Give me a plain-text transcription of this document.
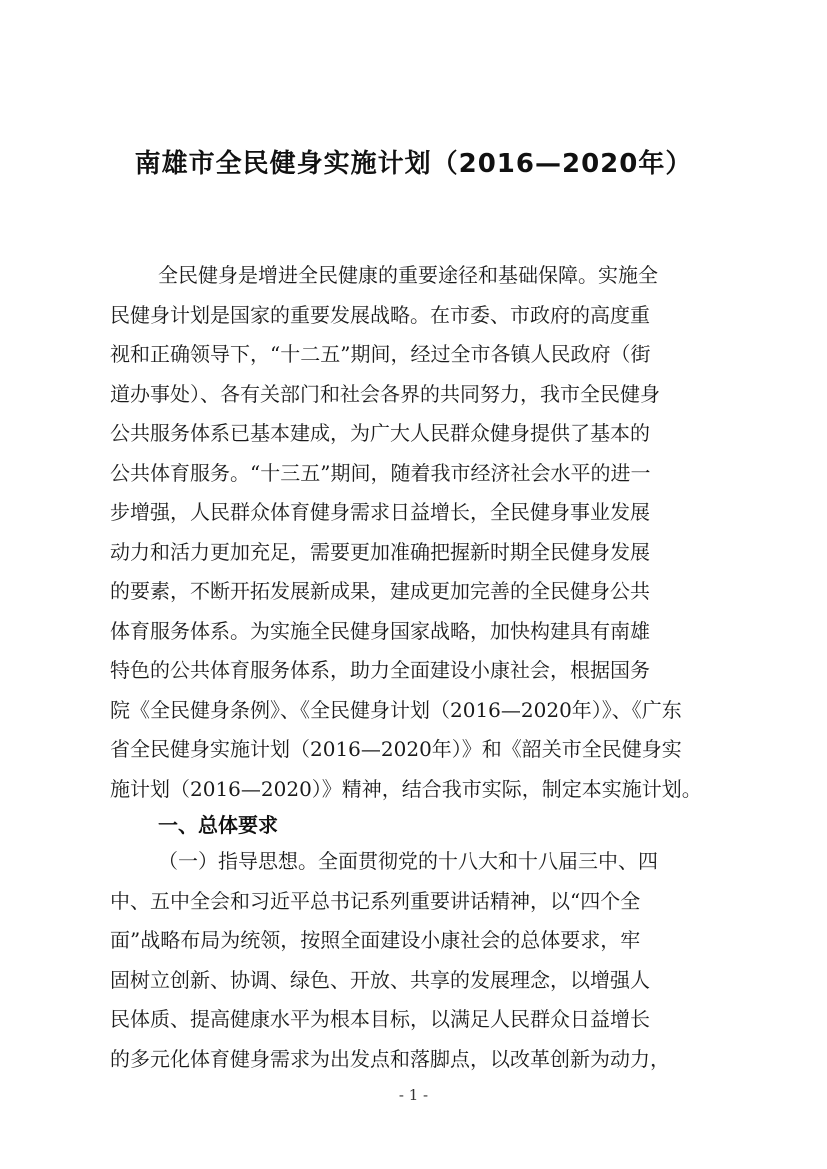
南雄市全民健身实施计划（2016—2020年）
全民健身是增进全民健康的重要途径和基础保障。实施全
民健身计划是国家的重要发展战略。在市委、市政府的高度重
视和正确领导下，“十二五”期间，经过全市各镇人民政府（街
道办事处）、各有关部门和社会各界的共同努力，我市全民健身
公共服务体系已基本建成，为广大人民群众健身提供了基本的
公共体育服务。“十三五”期间，随着我市经济社会水平的进一
步增强，人民群众体育健身需求日益增长，全民健身事业发展
动力和活力更加充足，需要更加准确把握新时期全民健身发展
的要素，不断开拓发展新成果，建成更加完善的全民健身公共
体育服务体系。为实施全民健身国家战略，加快构建具有南雄
特色的公共体育服务体系，助力全面建设小康社会，根据国务
院《全民健身条例》、《全民健身计划（2016—2020年）》、《广东
省全民健身实施计划（2016—2020年）》和《韶关市全民健身实
施计划（2016—2020）》精神，结合我市实际，制定本实施计划。
一、总体要求
（一）指导思想。全面贯彻党的十八大和十八届三中、四
中、五中全会和习近平总书记系列重要讲话精神，以“四个全
面”战略布局为统领，按照全面建设小康社会的总体要求，牢
固树立创新、协调、绿色、开放、共享的发展理念，以增强人
民体质、提高健康水平为根本目标，以满足人民群众日益增长
的多元化体育健身需求为出发点和落脚点，以改革创新为动力，
- 1 -
